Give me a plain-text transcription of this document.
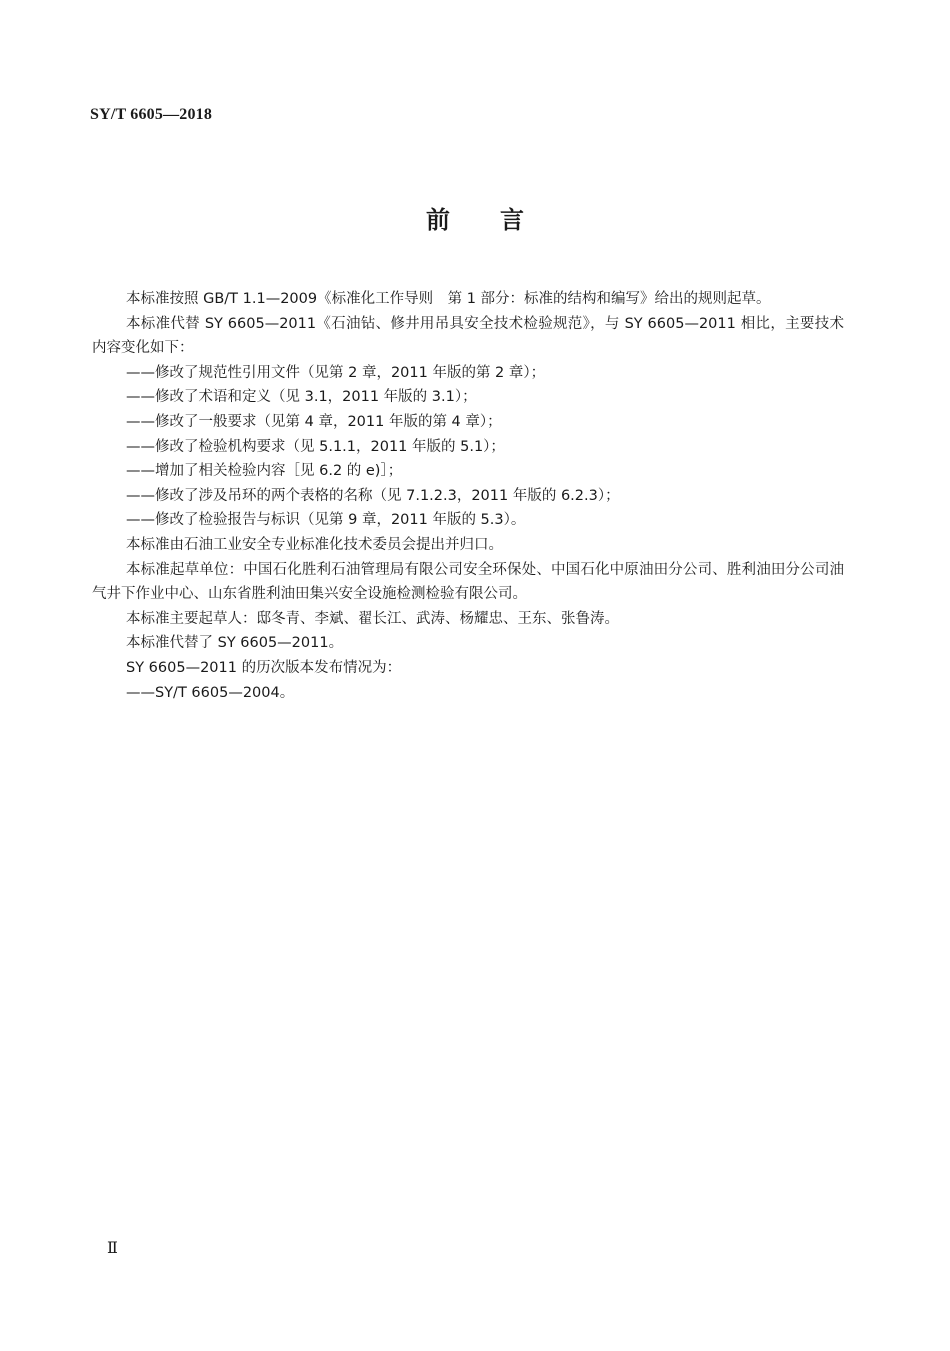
SY/T 6605—2018
前言

本标准按照 GB/T 1.1—2009《标准化工作导则　第 1 部分：标准的结构和编写》给出的规则起草。

本标准代替 SY 6605—2011《石油钻、修井用吊具安全技术检验规范》，与 SY 6605—2011 相比，主要技术内容变化如下：

——修改了规范性引用文件（见第 2 章，2011 年版的第 2 章）；

——修改了术语和定义（见 3.1，2011 年版的 3.1）；

——修改了一般要求（见第 4 章，2011 年版的第 4 章）；

——修改了检验机构要求（见 5.1.1，2011 年版的 5.1）；

——增加了相关检验内容［见 6.2 的 e)］；

——修改了涉及吊环的两个表格的名称（见 7.1.2.3，2011 年版的 6.2.3）；

——修改了检验报告与标识（见第 9 章，2011 年版的 5.3）。

本标准由石油工业安全专业标准化技术委员会提出并归口。

本标准起草单位：中国石化胜利石油管理局有限公司安全环保处、中国石化中原油田分公司、胜利油田分公司油气井下作业中心、山东省胜利油田集兴安全设施检测检验有限公司。

本标准主要起草人：邸冬青、李斌、翟长江、武涛、杨耀忠、王东、张鲁涛。

本标准代替了 SY 6605—2011。

SY 6605—2011 的历次版本发布情况为：

——SY/T 6605—2004。

Ⅱ
